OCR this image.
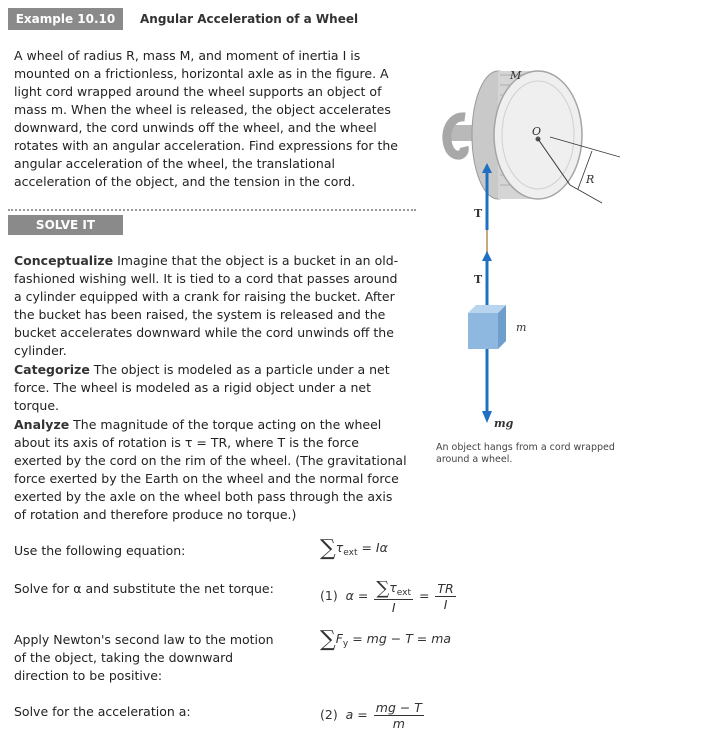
Example 10.10	Angular Acceleration of a Wheel
A wheel of radius R, mass M, and moment of inertia I is mounted on a frictionless, horizontal axle as in the figure. A light cord wrapped around the wheel supports an object of mass m. When the wheel is released, the object accelerates downward, the cord unwinds off the wheel, and the wheel rotates with an angular acceleration. Find expressions for the angular acceleration of the wheel, the translational acceleration of the object, and the tension in the cord.
SOLVE IT
Conceptualize Imagine that the object is a bucket in an old-fashioned wishing well. It is tied to a cord that passes around a cylinder equipped with a crank for raising the bucket. After the bucket has been raised, the system is released and the bucket accelerates downward while the cord unwinds off the cylinder.
Categorize The object is modeled as a particle under a net force. The wheel is modeled as a rigid object under a net torque.
Analyze The magnitude of the torque acting on the wheel about its axis of rotation is τ = TR, where T is the force exerted by the cord on the rim of the wheel. (The gravitational force exerted by the Earth on the wheel and the normal force exerted by the axle on the wheel both pass through the axis of rotation and therefore produce no torque.)
Use the following equation:
Solve for α and substitute the net torque:
Apply Newton's second law to the motion of the object, taking the downward direction to be positive:
Solve for the acceleration a:
$\sum\tau_{ext} = I\alpha$
(1) $\alpha = \frac{\sum\tau_{ext}}{I} = \frac{TR}{I}$
$\sum F_y$ = mg − T = ma
(2) $a = \frac{mg - T}{m}$
R
O
M
T
T
m
mg
An object hangs from a cord wrapped around a wheel.
